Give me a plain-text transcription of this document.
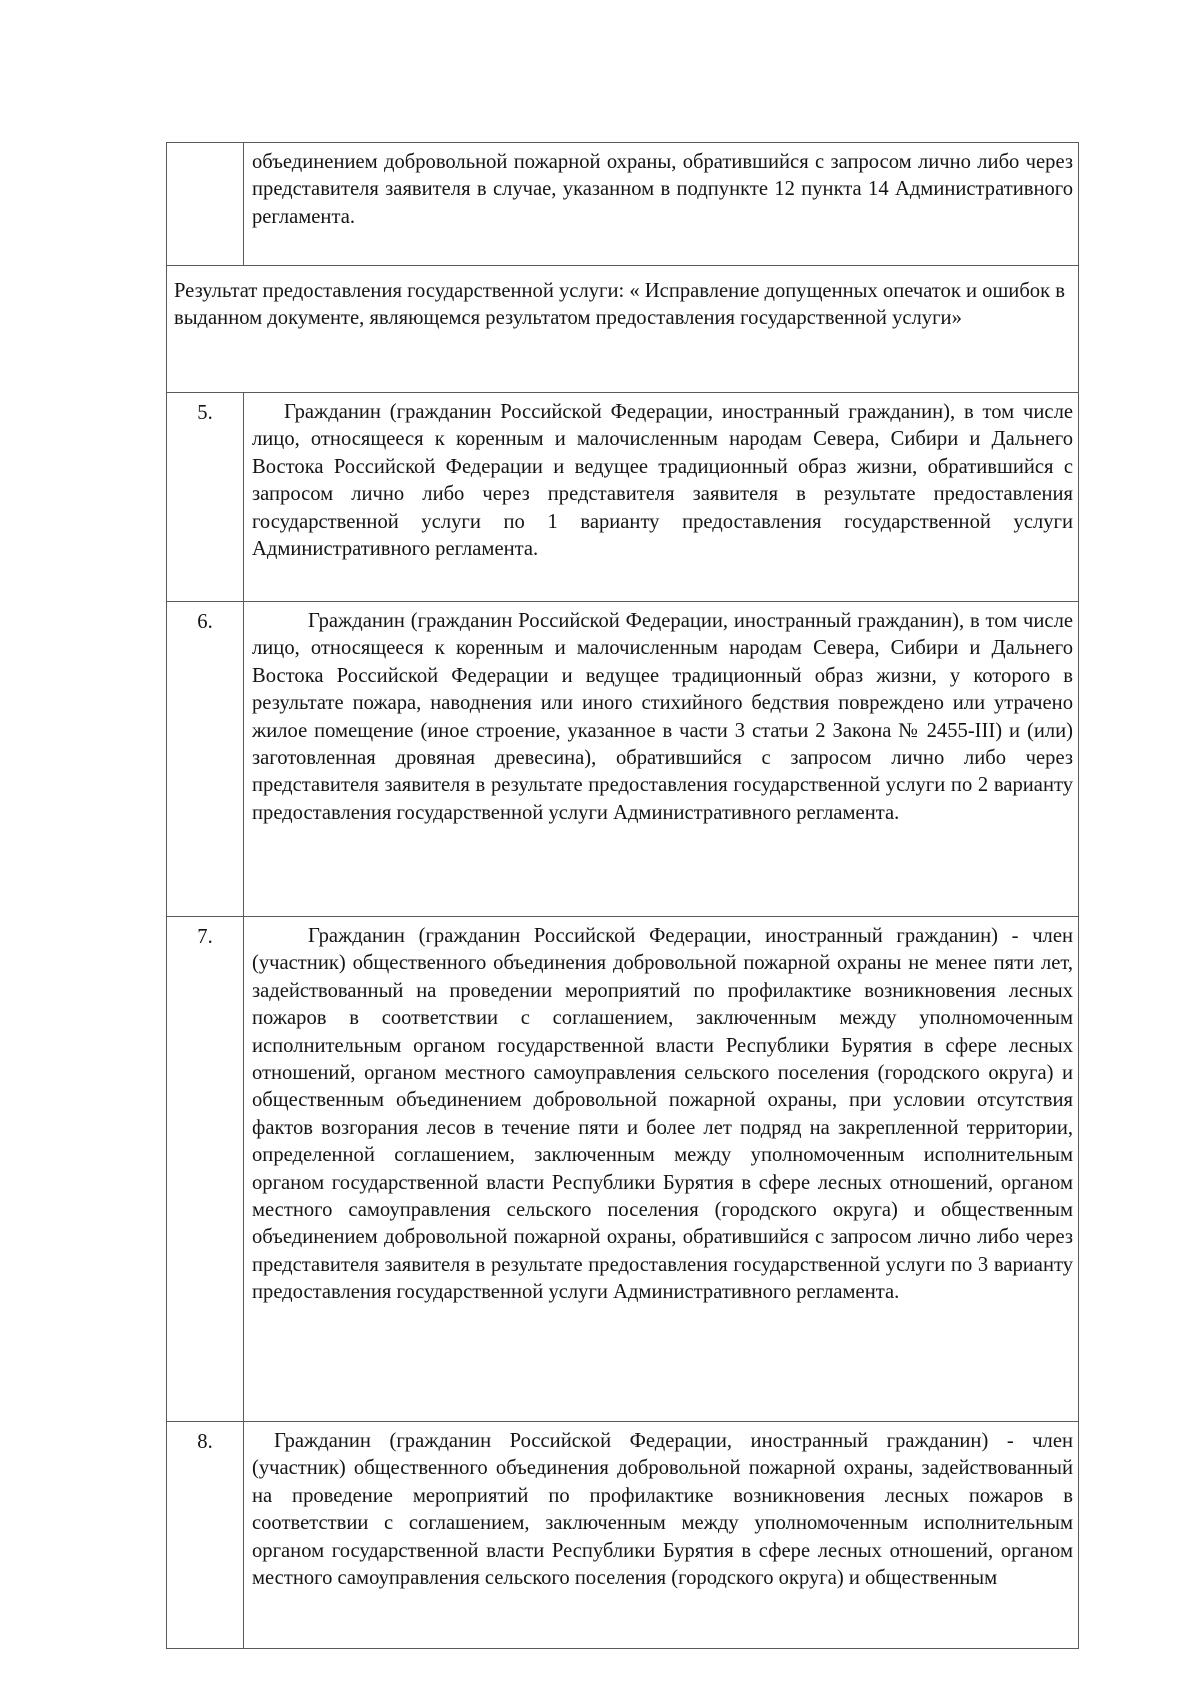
	объединением добровольной пожарной охраны, обратившийся с запросом лично либо через представителя заявителя в случае, указанном в подпункте 12 пункта 14 Административного регламента.

Результат предоставления государственной услуги: « Исправление допущенных опечаток и ошибок в выданном документе, являющемся результатом предоставления государственной услуги»	
5.	Гражданин (гражданин Российской Федерации, иностранный гражданин), в том числе лицо, относящееся к коренным и малочисленным народам Севера, Сибири и Дальнего Востока Российской Федерации и ведущее традиционный образ жизни, обратившийся с запросом лично либо через представителя заявителя в результате предоставления государственной услуги по 1 варианту предоставления государственной услуги Административного регламента.

6.	Гражданин (гражданин Российской Федерации, иностранный гражданин), в том числе лицо, относящееся к коренным и малочисленным народам Севера, Сибири и Дальнего Востока Российской Федерации и ведущее традиционный образ жизни, у которого в результате пожара, наводнения или иного стихийного бедствия повреждено или утрачено жилое помещение (иное строение, указанное в части 3 статьи 2 Закона № 2455-III) и (или) заготовленная дровяная древесина), обратившийся с запросом лично либо через представителя заявителя в результате предоставления государственной услуги по 2 варианту предоставления государственной услуги Административного регламента.

7.	Гражданин (гражданин Российской Федерации, иностранный гражданин) - член (участник) общественного объединения добровольной пожарной охраны не менее пяти лет, задействованный на проведении мероприятий по профилактике возникновения лесных пожаров в соответствии с соглашением, заключенным между уполномоченным исполнительным органом государственной власти Республики Бурятия в сфере лесных отношений, органом местного самоуправления сельского поселения (городского округа) и общественным объединением добровольной пожарной охраны, при условии отсутствия фактов возгорания лесов в течение пяти и более лет подряд на закрепленной территории, определенной соглашением, заключенным между уполномоченным исполнительным органом государственной власти Республики Бурятия в сфере лесных отношений, органом местного самоуправления сельского поселения (городского округа) и общественным объединением добровольной пожарной охраны, обратившийся с запросом лично либо через представителя заявителя в результате предоставления государственной услуги по 3 варианту предоставления государственной услуги Административного регламента.

8.	Гражданин (гражданин Российской Федерации, иностранный гражданин) - член (участник) общественного объединения добровольной пожарной охраны, задействованный на проведение мероприятий по профилактике возникновения лесных пожаров в соответствии с соглашением, заключенным между уполномоченным исполнительным органом государственной власти Республики Бурятия в сфере лесных отношений, органом местного самоуправления сельского поселения (городского округа) и общественным
